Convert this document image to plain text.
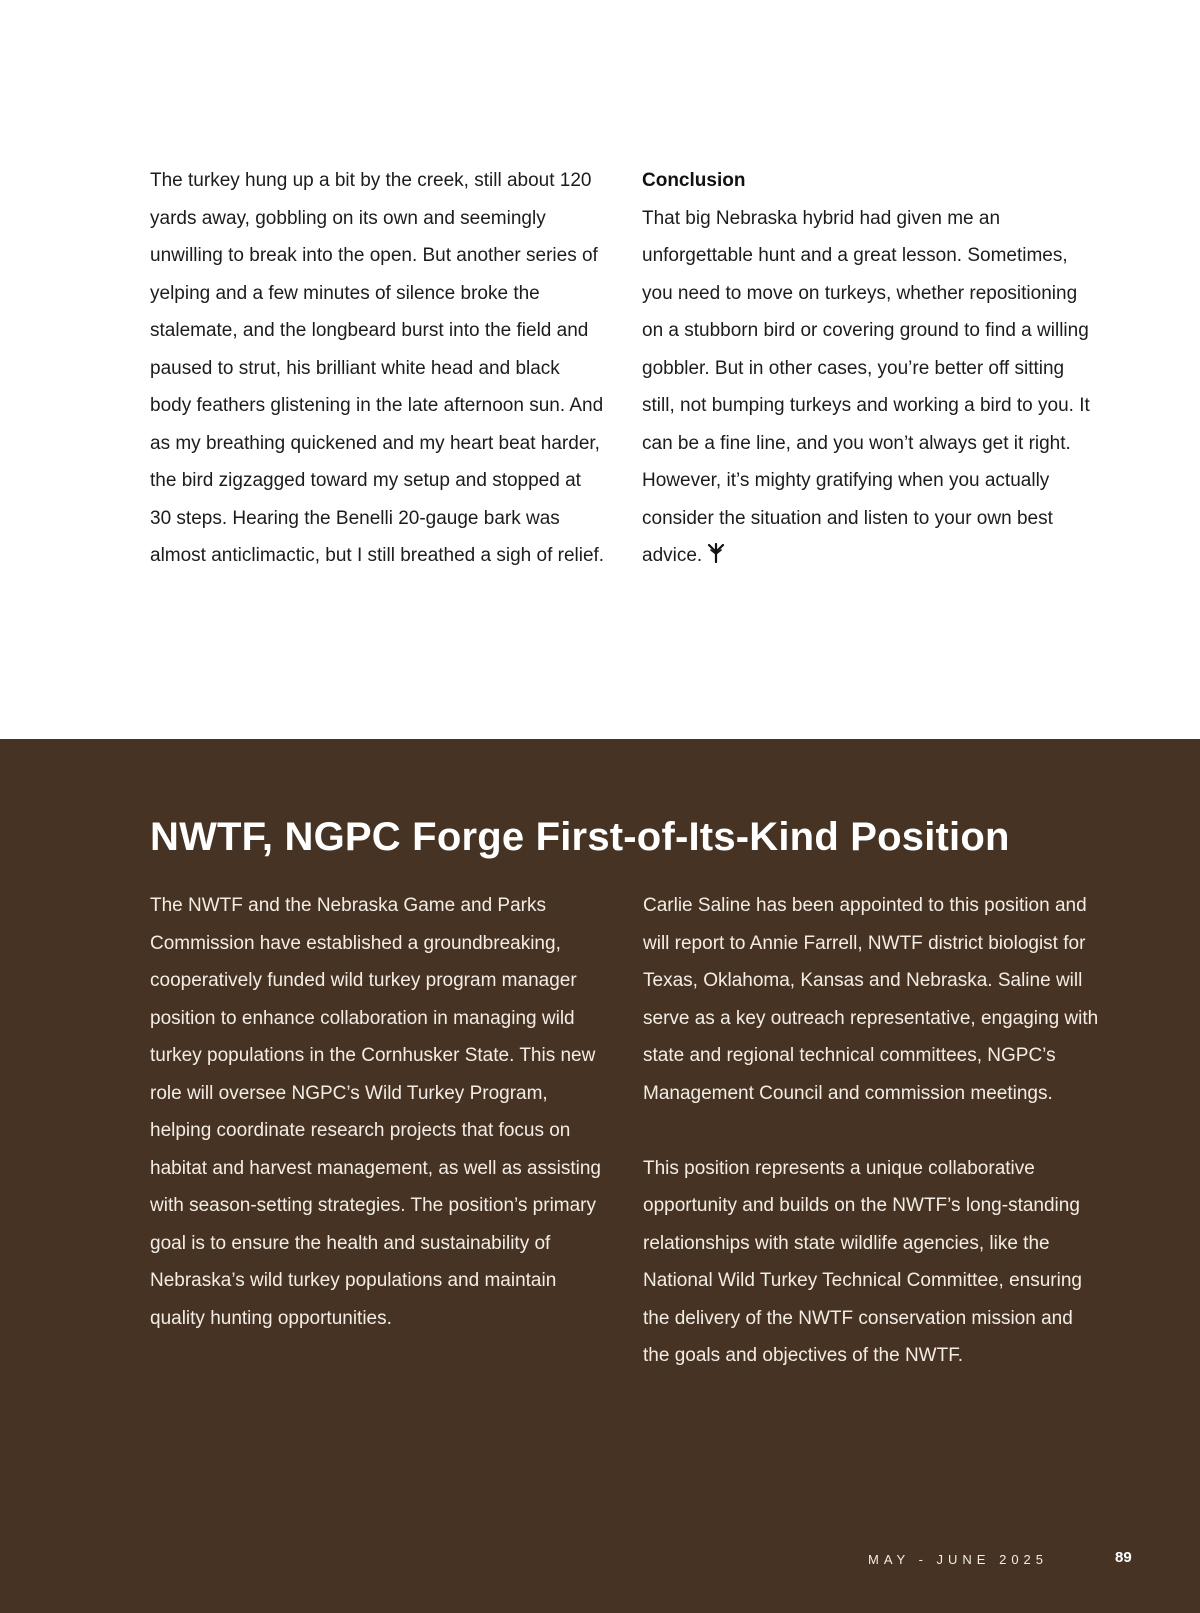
The turkey hung up a bit by the creek, still about 120 yards away, gobbling on its own and seemingly unwilling to break into the open. But another series of yelping and a few minutes of silence broke the stalemate, and the longbeard burst into the field and paused to strut, his brilliant white head and black body feathers glistening in the late afternoon sun. And as my breathing quickened and my heart beat harder, the bird zigzagged toward my setup and stopped at 30 steps. Hearing the Benelli 20-gauge bark was almost anticlimactic, but I still breathed a sigh of relief.

Conclusion

That big Nebraska hybrid had given me an unforgettable hunt and a great lesson. Sometimes, you need to move on turkeys, whether repositioning on a stubborn bird or covering ground to find a willing gobbler. But in other cases, you’re better off sitting still, not bumping turkeys and working a bird to you. It can be a fine line, and you won’t always get it right. However, it’s mighty gratifying when you actually consider the situation and listen to your own best advice.

NWTF, NGPC Forge First-of-Its-Kind Position

The NWTF and the Nebraska Game and Parks Commission have established a groundbreaking, cooperatively funded wild turkey program manager position to enhance collaboration in managing wild turkey populations in the Cornhusker State. This new role will oversee NGPC’s Wild Turkey Program, helping coordinate research projects that focus on habitat and harvest management, as well as assisting with season-setting strategies. The position’s primary goal is to ensure the health and sustainability of Nebraska’s wild turkey populations and maintain quality hunting opportunities.

Carlie Saline has been appointed to this position and will report to Annie Farrell, NWTF district biologist for Texas, Oklahoma, Kansas and Nebraska. Saline will serve as a key outreach representative, engaging with state and regional technical committees, NGPC’s Management Council and commission meetings.

This position represents a unique collaborative opportunity and builds on the NWTF’s long-standing relationships with state wildlife agencies, like the National Wild Turkey Technical Committee, ensuring the delivery of the NWTF conservation mission and the goals and objectives of the NWTF.

MAY - JUNE 2025	89
